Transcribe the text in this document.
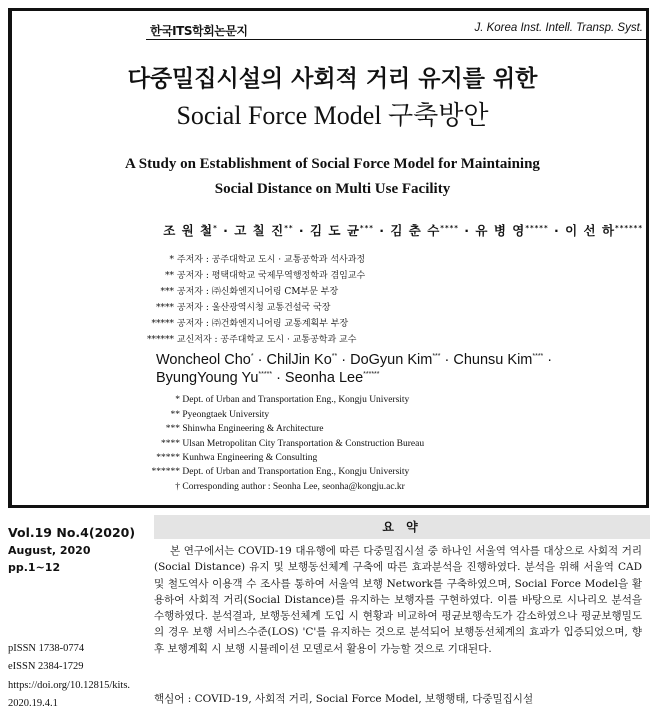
한국ITS학회논문지	J. Korea Inst. Intell. Transp. Syst.
다중밀집시설의 사회적 거리 유지를 위한
Social Force Model 구축방안
A Study on Establishment of Social Force Model for Maintaining
Social Distance on Multi Use Facility
조 원 철* · 고 칠 진** · 김 도 균*** · 김 춘 수**** · 유 병 영***** · 이 선 하******
* 주저자 : 공주대학교 도시 · 교통공학과 석사과정
** 공저자 : 평택대학교 국제무역행정학과 겸임교수
*** 공저자 : ㈜신화엔지니어링 CM부문 부장
**** 공저자 : 울산광역시청 교통건설국 국장
***** 공저자 : ㈜건화엔지니어링 교통계획부 부장
****** 교신저자 : 공주대학교 도시 · 교통공학과 교수
Woncheol Cho* · ChilJin Ko** · DoGyun Kim*** · Chunsu Kim**** ·
ByungYoung Yu***** · Seonha Lee******
* Dept. of Urban and Transportation Eng., Kongju University
** Pyeongtaek University
*** Shinwha Engineering & Architecture
**** Ulsan Metropolitan City Transportation & Construction Bureau
***** Kunhwa Engineering & Consulting
****** Dept. of Urban and Transportation Eng., Kongju University
† Corresponding author : Seonha Lee, seonha@kongju.ac.kr
Vol.19 No.4(2020)
August, 2020
pp.1~12
pISSN 1738-0774
eISSN 2384-1729
https://doi.org/10.12815/kits.
2020.19.4.1
요 약

본 연구에서는 COVID-19 대유행에 따른 다중밀집시설 중 하나인 서울역 역사를 대상으로 사회적 거리(Social Distance) 유지 및 보행동선체계 구축에 따른 효과분석을 진행하였다. 분석을 위해 서울역 CAD 및 철도역사 이용객 수 조사를 통하여 서울역 보행 Network를 구축하였으며, Social Force Model을 활용하여 사회적 거리(Social Distance)를 유지하는 보행자를 구현하였다. 이를 바탕으로 시나리오 분석을 수행하였다. 분석결과, 보행동선체계 도입 시 현황과 비교하여 평균보행속도가 감소하였으나 평균보행밀도의 경우 보행 서비스수준(LOS) 'C'를 유지하는 것으로 분석되어 보행동선체계의 효과가 입증되었으며, 향후 보행계획 시 보행 시뮬레이션 모델로서 활용이 가능할 것으로 기대된다.

핵심어 : COVID-19, 사회적 거리, Social Force Model, 보행행태, 다중밀집시설
